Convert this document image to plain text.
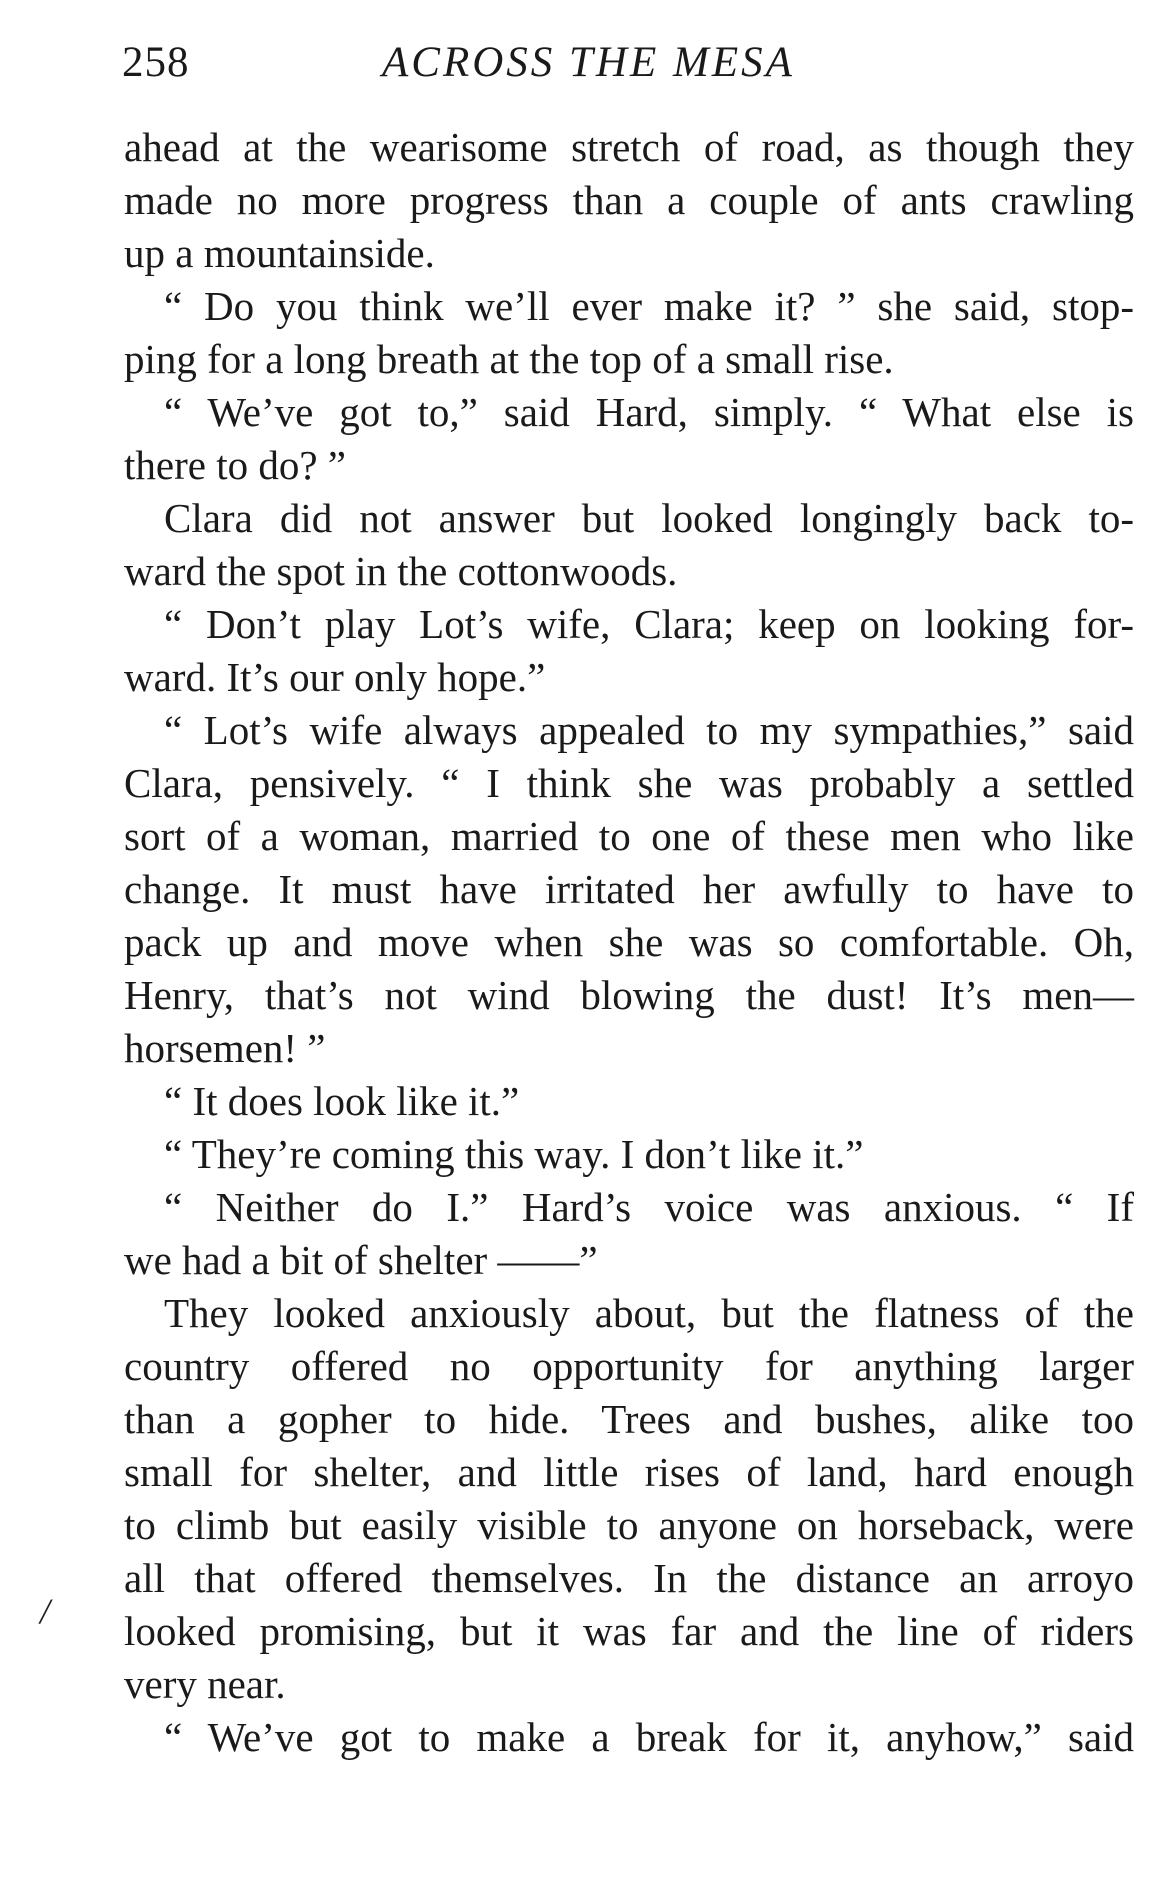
258	ACROSS THE MESA
ahead at the wearisome stretch of road, as though they
made no more progress than a couple of ants crawling
up a mountainside.
“ Do you think we’ll ever make it? ” she said, stop-
ping for a long breath at the top of a small rise.
“ We’ve got to,” said Hard, simply. “ What else is
there to do? ”
Clara did not answer but looked longingly back to-
ward the spot in the cottonwoods.
“ Don’t play Lot’s wife, Clara; keep on looking for-
ward. It’s our only hope.”
“ Lot’s wife always appealed to my sympathies,” said
Clara, pensively. “ I think she was probably a settled
sort of a woman, married to one of these men who like
change. It must have irritated her awfully to have to
pack up and move when she was so comfortable. Oh,
Henry, that’s not wind blowing the dust! It’s men—
horsemen! ”
“ It does look like it.”
“ They’re coming this way. I don’t like it.”
“ Neither do I.” Hard’s voice was anxious. “ If
we had a bit of shelter ——”
They looked anxiously about, but the flatness of the
country offered no opportunity for anything larger
than a gopher to hide. Trees and bushes, alike too
small for shelter, and little rises of land, hard enough
to climb but easily visible to anyone on horseback, were
all that offered themselves. In the distance an arroyo
looked promising, but it was far and the line of riders
very near.
“ We’ve got to make a break for it, anyhow,” said
/
